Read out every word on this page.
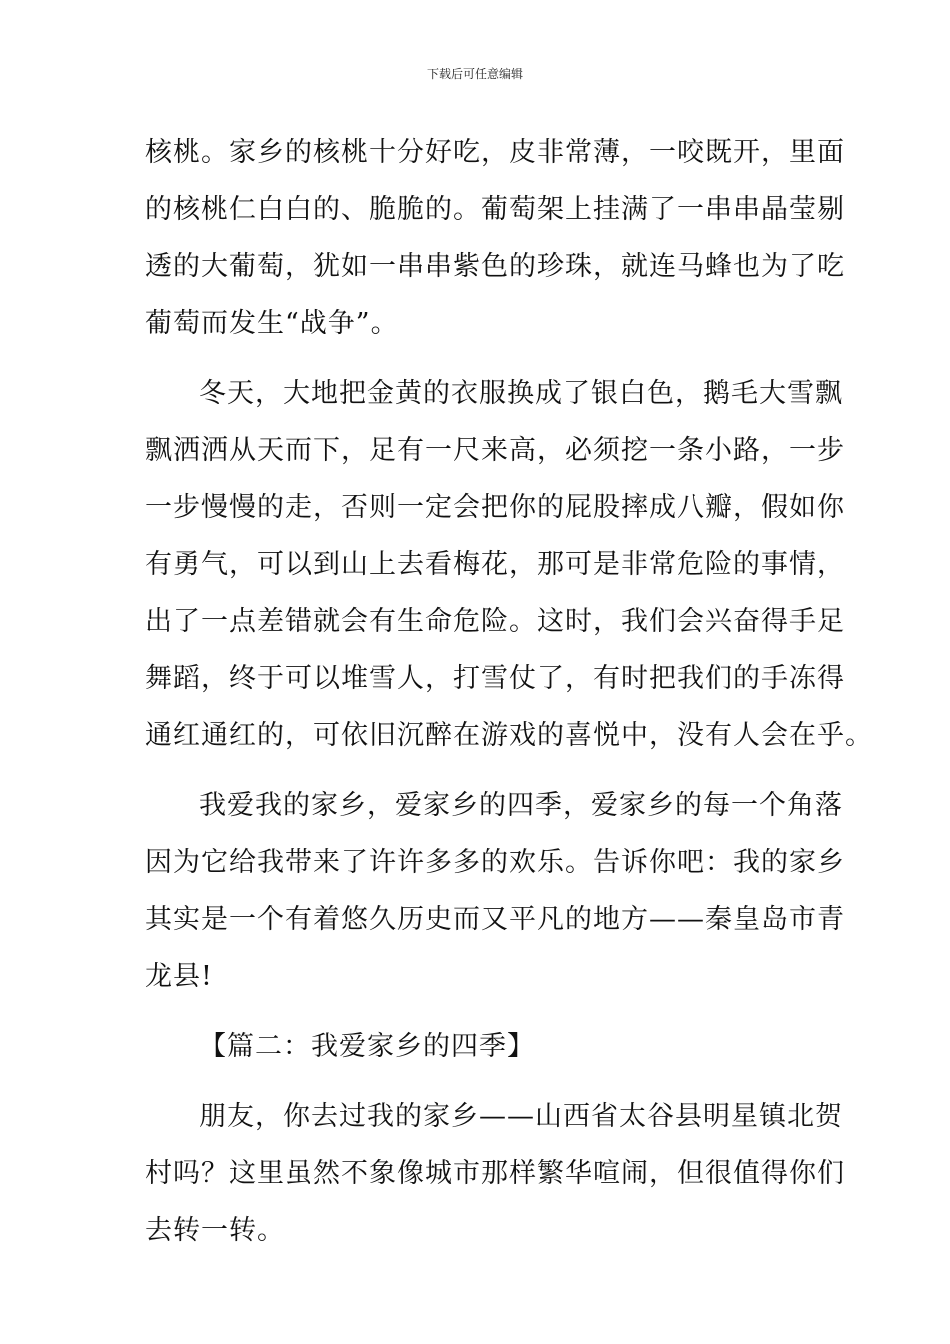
下载后可任意编辑
核桃。家乡的核桃十分好吃，皮非常薄，一咬既开，里面
的核桃仁白白的、脆脆的。葡萄架上挂满了一串串晶莹剔
透的大葡萄，犹如一串串紫色的珍珠，就连马蜂也为了吃
葡萄而发生“战争”。
冬天，大地把金黄的衣服换成了银白色，鹅毛大雪飘
飘洒洒从天而下，足有一尺来高，必须挖一条小路，一步
一步慢慢的走，否则一定会把你的屁股摔成八瓣，假如你
有勇气，可以到山上去看梅花，那可是非常危险的事情，
出了一点差错就会有生命危险。这时，我们会兴奋得手足
舞蹈，终于可以堆雪人，打雪仗了，有时把我们的手冻得
通红通红的，可依旧沉醉在游戏的喜悦中，没有人会在乎。
我爱我的家乡，爱家乡的四季，爱家乡的每一个角落
因为它给我带来了许许多多的欢乐。告诉你吧：我的家乡
其实是一个有着悠久历史而又平凡的地方——秦皇岛市青
龙县!
【篇二：我爱家乡的四季】
朋友，你去过我的家乡——山西省太谷县明星镇北贺
村吗？这里虽然不象像城市那样繁华喧闹，但很值得你们
去转一转。
